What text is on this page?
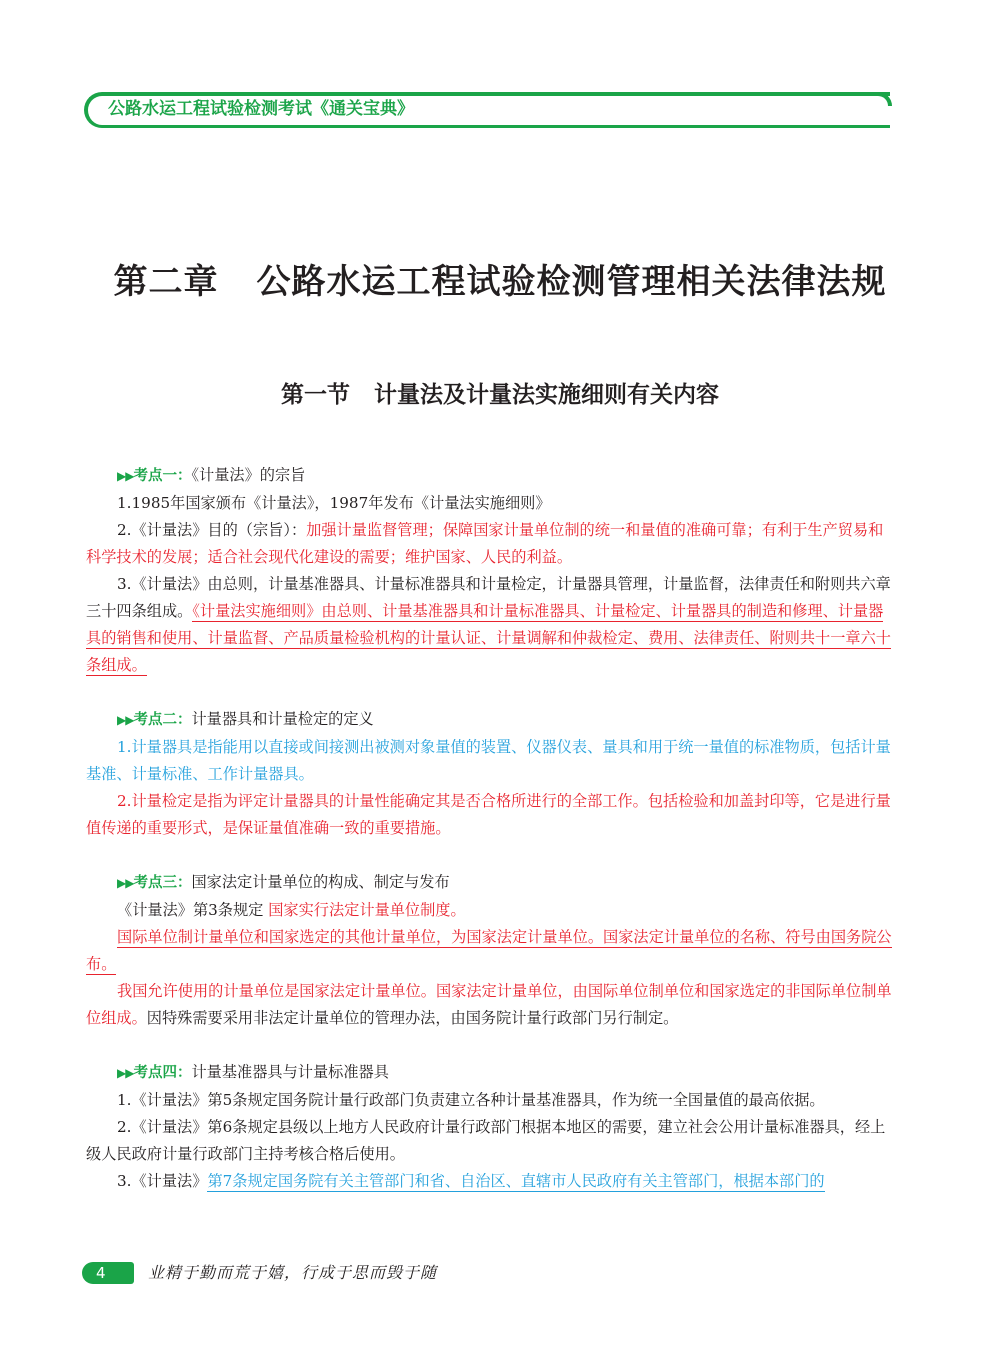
公路水运工程试验检测考试《通关宝典》
第二章 公路水运工程试验检测管理相关法律法规
第一节 计量法及计量法实施细则有关内容

▶▶考点一：《计量法》的宗旨

1.1985年国家颁布《计量法》，1987年发布《计量法实施细则》

2.《计量法》目的（宗旨）：加强计量监督管理；保障国家计量单位制的统一和量值的准确可靠；有利于生产贸易和科学技术的发展；适合社会现代化建设的需要；维护国家、人民的利益。

3.《计量法》由总则，计量基准器具、计量标准器具和计量检定，计量器具管理，计量监督，法律责任和附则共六章三十四条组成。《计量法实施细则》由总则、计量基准器具和计量标准器具、计量检定、计量器具的制造和修理、计量器具的销售和使用、计量监督、产品质量检验机构的计量认证、计量调解和仲裁检定、费用、法律责任、附则共十一章六十条组成。

▶▶考点二：计量器具和计量检定的定义

1.计量器具是指能用以直接或间接测出被测对象量值的装置、仪器仪表、量具和用于统一量值的标准物质，包括计量基准、计量标准、工作计量器具。

2.计量检定是指为评定计量器具的计量性能确定其是否合格所进行的全部工作。包括检验和加盖封印等，它是进行量值传递的重要形式，是保证量值准确一致的重要措施。

▶▶考点三：国家法定计量单位的构成、制定与发布

《计量法》第3条规定 国家实行法定计量单位制度。

国际单位制计量单位和国家选定的其他计量单位，为国家法定计量单位。国家法定计量单位的名称、符号由国务院公布。

我国允许使用的计量单位是国家法定计量单位。国家法定计量单位，由国际单位制单位和国家选定的非国际单位制单位组成。因特殊需要采用非法定计量单位的管理办法，由国务院计量行政部门另行制定。

▶▶考点四：计量基准器具与计量标准器具

1.《计量法》第5条规定国务院计量行政部门负责建立各种计量基准器具，作为统一全国量值的最高依据。

2.《计量法》第6条规定县级以上地方人民政府计量行政部门根据本地区的需要，建立社会公用计量标准器具，经上级人民政府计量行政部门主持考核合格后使用。

3.《计量法》第7条规定国务院有关主管部门和省、自治区、直辖市人民政府有关主管部门，根据本部门的

4	业精于勤而荒于嬉，行成于思而毁于随
